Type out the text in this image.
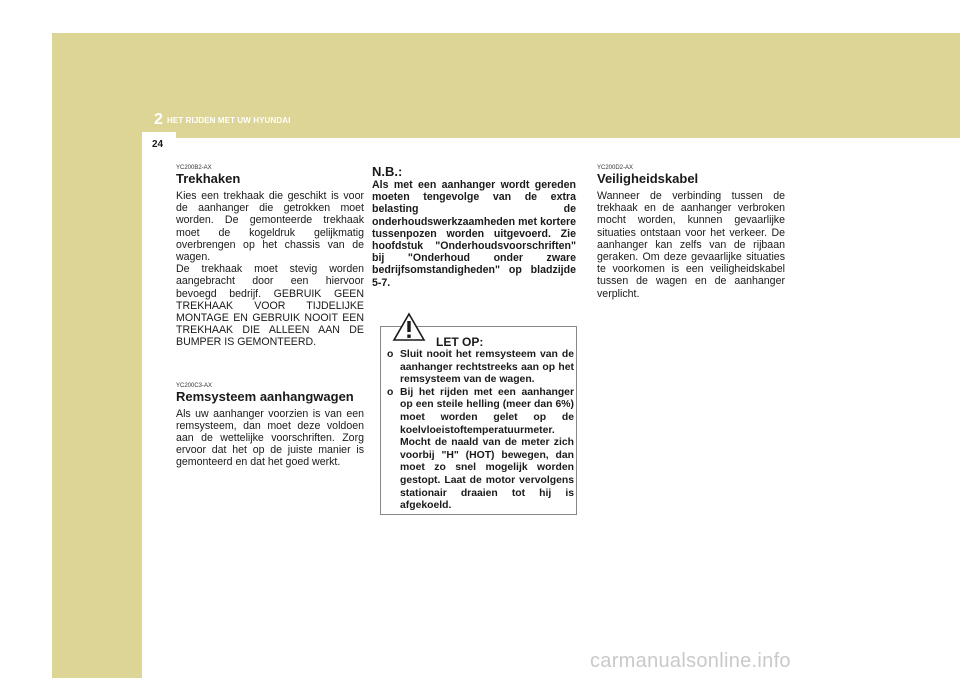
2 HET RIJDEN MET UW HYUNDAI
24
YC200B2-AX
Trekhaken

Kies een trekhaak die geschikt is voor de aanhanger die getrokken moet worden. De gemonteerde trekhaak moet de kogeldruk gelijkmatig overbrengen op het chassis van de wagen.

De trekhaak moet stevig worden aangebracht door een hiervoor bevoegd bedrijf. GEBRUIK GEEN TREKHAAK VOOR TIJDELIJKE MONTAGE EN GEBRUIK NOOIT EEN TREKHAAK DIE ALLEEN AAN DE BUMPER IS GEMONTEERD.

YC200C3-AX
Remsysteem aanhangwagen

Als uw aanhanger voorzien is van een remsysteem, dan moet deze voldoen aan de wettelijke voorschriften. Zorg ervoor dat het op de juiste manier is gemonteerd en dat het goed werkt.

N.B.:

Als met een aanhanger wordt gereden moeten tengevolge van de extra belasting de onderhoudswerkzaamheden met kortere tussenpozen worden uitgevoerd. Zie hoofdstuk "Onderhoudsvoorschriften" bij "Onderhoud onder zware bedrijfsomstandigheden" op bladzijde 5-7.

LET OP:
o Sluit nooit het remsysteem van de aanhanger rechtstreeks aan op het remsysteem van de wagen.
o Bij het rijden met een aanhanger op een steile helling (meer dan 6%) moet worden gelet op de koelvloeistoftemperatuurmeter. Mocht de naald van de meter zich voorbij "H" (HOT) bewegen, dan moet zo snel mogelijk worden gestopt. Laat de motor vervolgens stationair draaien tot hij is afgekoeld.
YC200D2-AX
Veiligheidskabel

Wanneer de verbinding tussen de trekhaak en de aanhanger verbroken mocht worden, kunnen gevaarlijke situaties ontstaan voor het verkeer. De aanhanger kan zelfs van de rijbaan geraken. Om deze gevaarlijke situaties te voorkomen is een veiligheidskabel tussen de wagen en de aanhanger verplicht.

carmanualsonline.info
